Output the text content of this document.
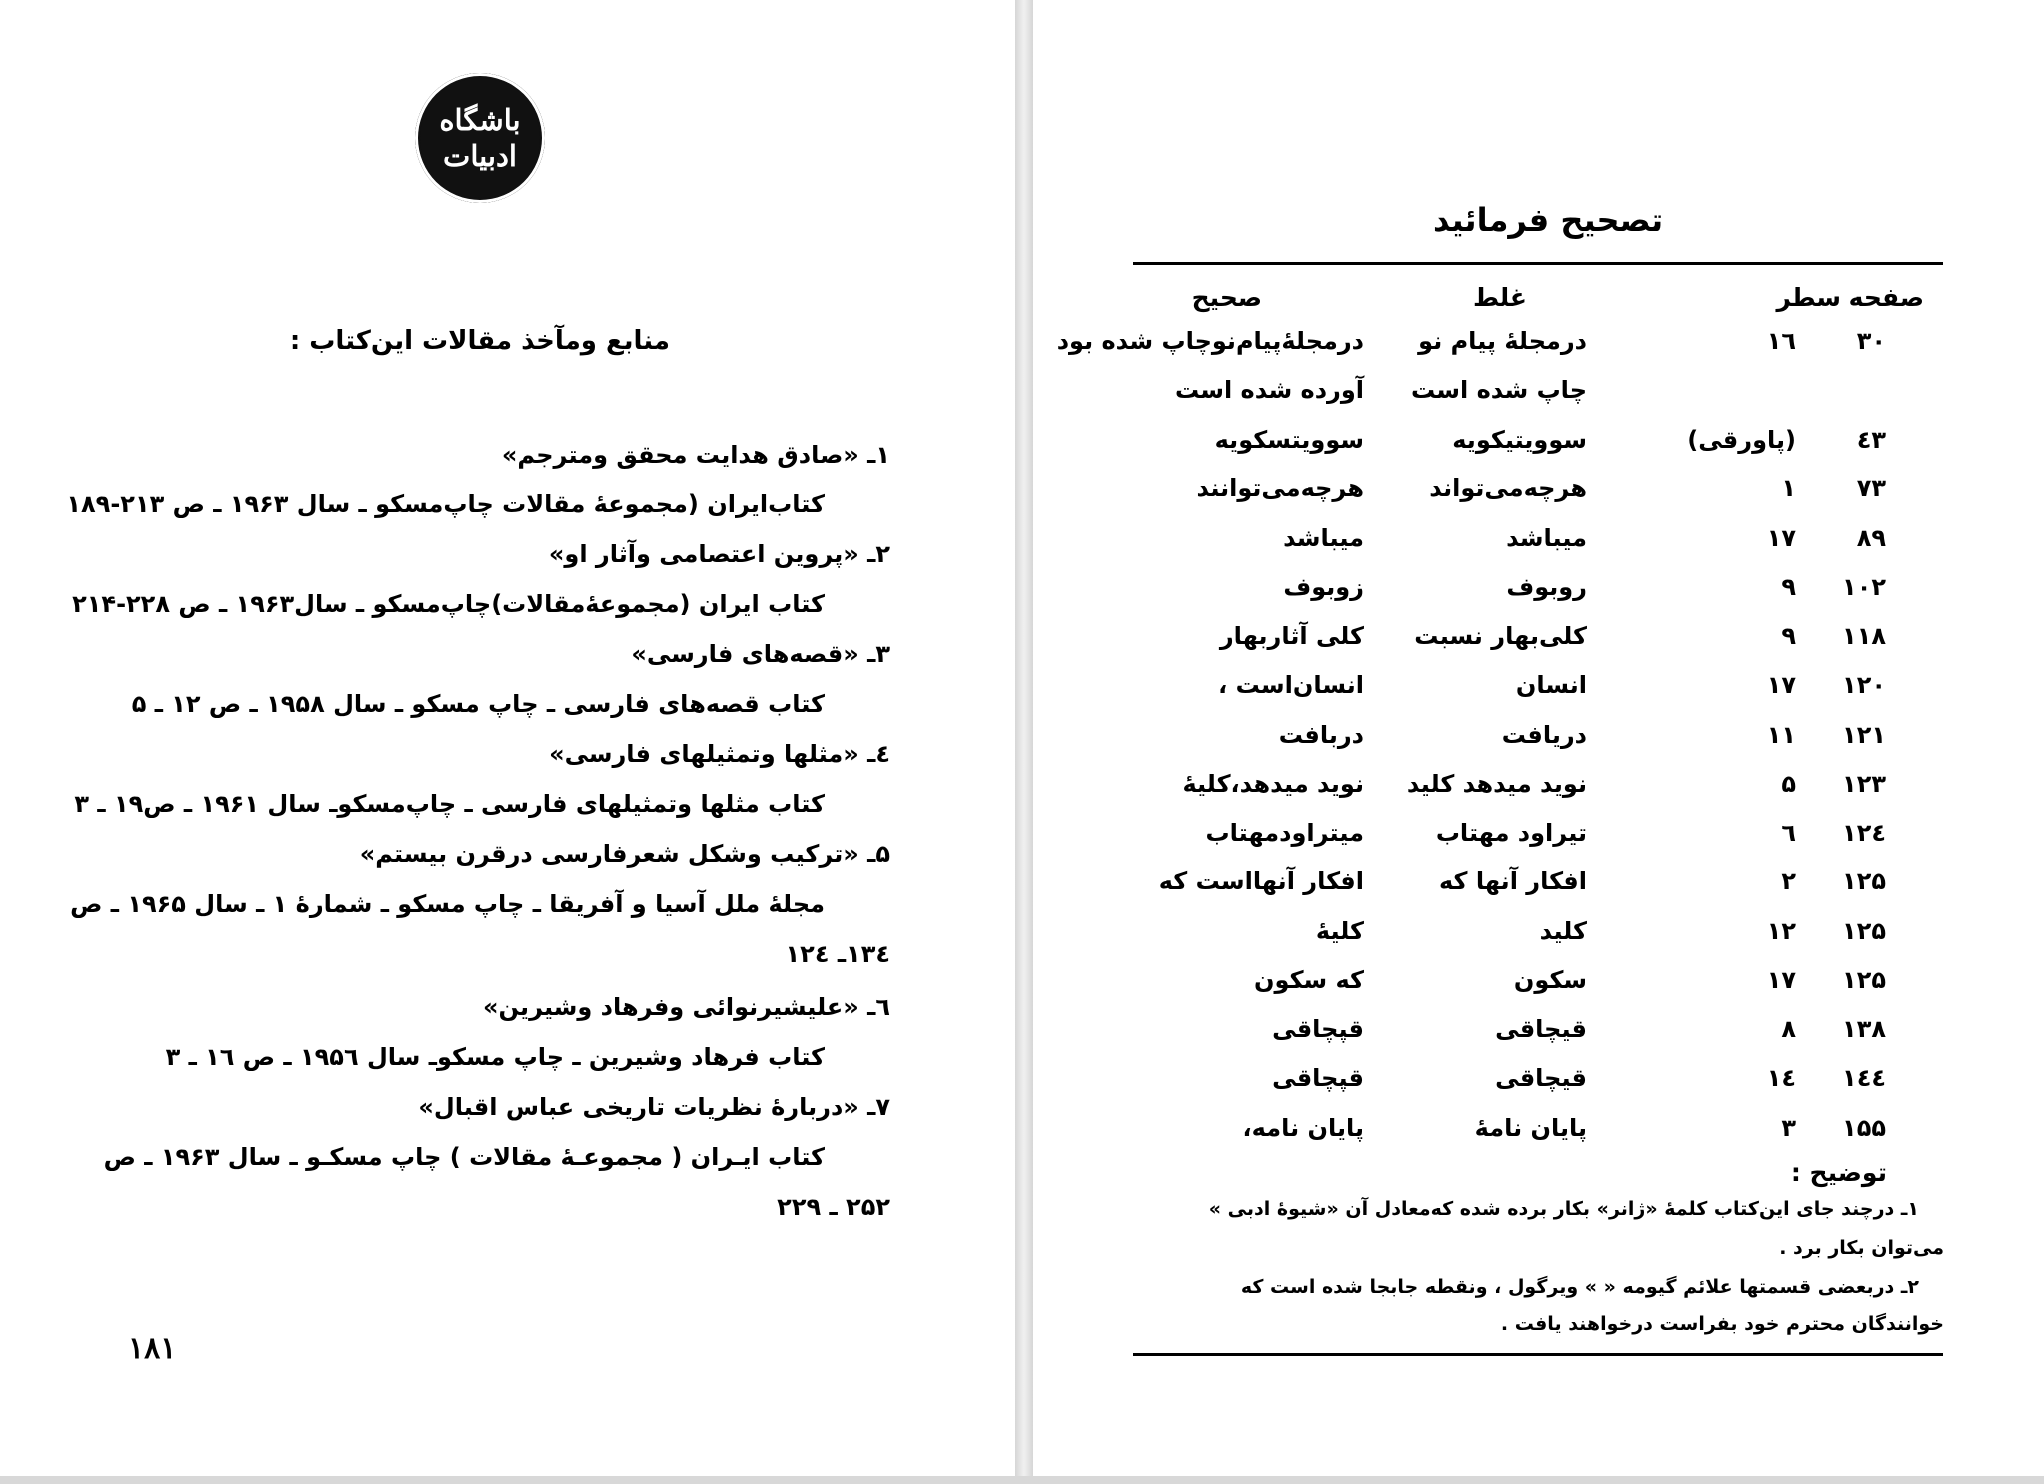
باشگاه
ادبیات
منابع ومآخذ مقالات این‌کتاب :
۱ـ «صادق هدایت محقق ومترجم»
کتاب‌ایران (مجموعهٔ مقالات چاپ‌مسکو ـ سال ۱۹۶۳ ـ ص ۲۱۳-۱۸۹
۲ـ «پروین اعتصامی وآثار او»
کتاب ایران (مجموعهٔ‌مقالات)چاپ‌مسکو ـ سال۱۹۶۳ ـ ص ۲۲۸-۲۱۴
۳ـ «قصه‌های فارسی»
کتاب قصه‌های فارسی ـ چاپ مسکو ـ سال ۱۹۵۸ ـ ص ۱۲ ـ ۵
٤ـ «مثلها وتمثیلهای فارسی»
کتاب مثلها وتمثیلهای فارسی ـ چاپ‌مسکو‌ـ سال ۱۹۶۱ ـ ص۱۹ ـ ۳
۵ـ «ترکیب وشکل شعرفارسی درقرن بیستم»
مجلهٔ ملل آسیا و آفریقا ـ چاپ مسکو ـ شمارهٔ ۱ ـ سال ۱۹۶۵ ـ ص
۱۳٤ـ ۱۲٤
٦ـ «علیشیرنوائی وفرهاد وشیرین»
کتاب فرهاد وشیرین ـ چاپ مسکو‌ـ سال ۱۹۵٦ ـ ص ۱٦ ـ ۳
۷ـ «دربارهٔ نظریات تاریخی عباس اقبال»
کتاب ایـران ( مجموعـهٔ مقالات ) چاپ مسکـو ـ سال ۱۹۶۳ ـ ص
۲۵۲ ـ ۲۲۹
۱۸۱
تصحیح فرمائید
صفحه
سطر
غلط
صحیح
۳۰
۱٦
درمجلهٔ پیام نو
درمجلهٔ‌پیام‌نوچاپ شده بود
چاپ شده است
آورده شده است
٤۳
(پاورقی)
سوویتیکویه
سوویتسکویه
۷۳
۱
هرچه‌می‌تواند
هرچه‌می‌توانند
۸۹
۱۷
میباشد
میباشد
۱۰۲
۹
روبوف
زوبوف
۱۱۸
۹
کلی‌بهار نسبت
کلی آثاربهار
۱۲۰
۱۷
انسان
انسان‌است ،
۱۲۱
۱۱
دریافت
دربافت
۱۲۳
۵
نوید میدهد کلید
نوید میدهد،کلیهٔ
۱۲٤
٦
تیراود مهتاب
میتراودمهتاب
۱۲۵
۲
افکار آنها که
افکار آنهااست که
۱۲۵
۱۲
کلید
کلیهٔ
۱۲۵
۱۷
سکون
که سکون
۱۳۸
۸
قیچاقی
قپچاقی
۱٤٤
۱٤
قیچاقی
قپچاقی
۱۵۵
۳
پایان نامهٔ
پایان نامه،
توضیح :
۱ـ درچند جای این‌کتاب کلمهٔ «ژانر» بکار برده شده که‌معادل آن «شیوهٔ ادبی »
می‌توان بکار برد .
۲ـ دربعضی قسمتها علائم گیومه « » ویرگول ، ونقطه جابجا شده است که
خوانندگان محترم خود بفراست درخواهند یافت .
